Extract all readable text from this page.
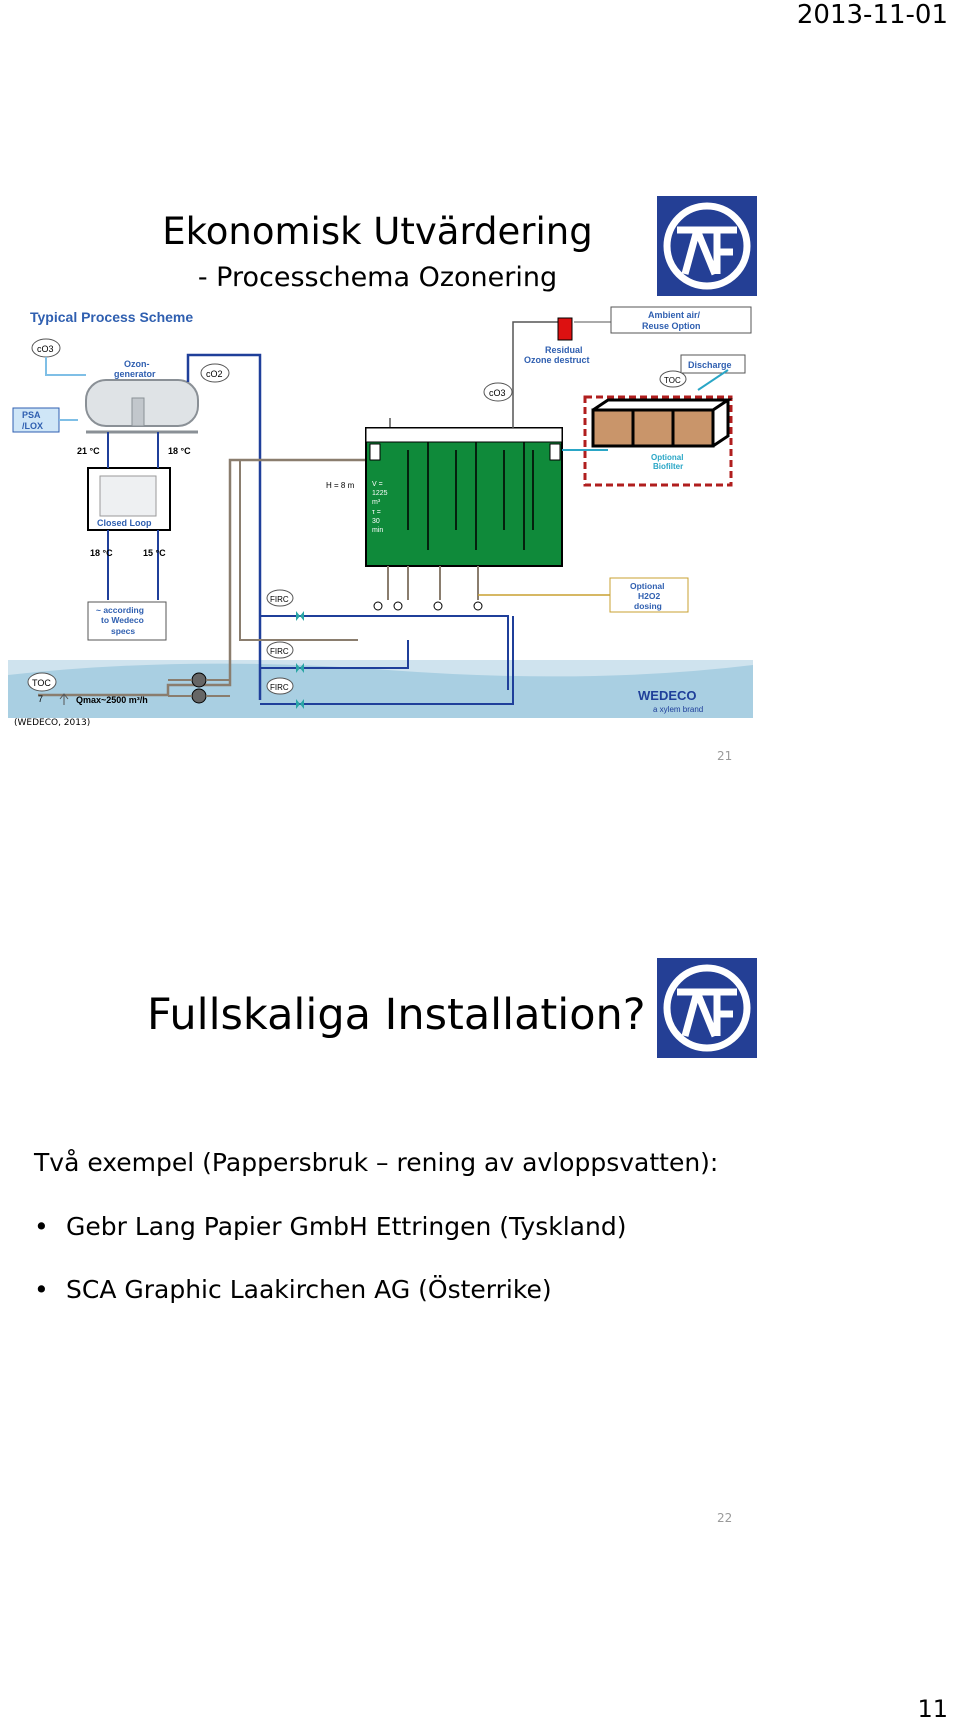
2013-11-01
Ekonomisk Utvärdering
- Processchema Ozonering
Typical Process Scheme
cO3
PSA
/LOX
Ozon-
generator	cO2
21 °C	18 °C
Closed Loop
18 °C	15 °C
~ according
to Wedeco
specs
TOC
7	Qmax~2500 m³/h
FIRC
FIRC
FIRC
H = 8 m	V =
1225
m³
τ =
30
min
cO3
Residual
Ozone destruct
Ambient air/
Reuse Option
Discharge
TOC
Optional
Biofilter
Optional
H2O2
dosing
WEDECO
a xylem brand
(WEDECO, 2013)
21
Fullskaliga Installation?
Två exempel (Pappersbruk – rening av avloppsvatten):
• Gebr Lang Papier GmbH Ettringen (Tyskland)
• SCA Graphic Laakirchen AG (Österrike)
22
11
